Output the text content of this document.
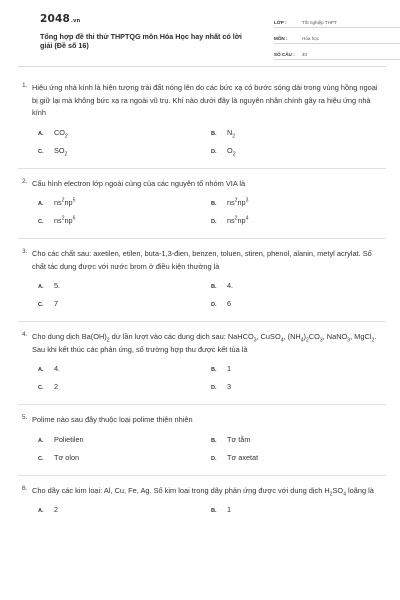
2048.vn
Tổng hợp đề thi thử THPTQG môn Hóa Học hay nhất có lời giải (Đề số 16)
LỚP :	Tốt nghiệp THPT
MÔN :	Hóa học
SỐ CÂU :	40
1. Hiệu ứng nhà kính là hiện tượng trái đất nóng lên do các bức xạ có bước sóng dài trong vùng hồng ngoại bị giữ lại mà không bức xạ ra ngoài vũ trụ. Khí nào dưới đây là nguyên nhân chính gây ra hiệu ứng nhà kính
A.	$CO_2$	B.	$N_2$
C.	$SO_2$	D.	$O_2$
2. Cấu hình electron lớp ngoài cùng của các nguyên tố nhóm VIA là
A.	$ns^2np^5$
B.	$ns^2np^3$
C.	$ns^2np^6$
D.	$ns^2np^4$
3. Cho các chất sau: axetilen, etilen, buta-1,3-đien, benzen, toluen, stiren, phenol, alanin, metyl acrylat. Số chất tác dụng được với nước brom ở điều kiện thường là
A.	5.	B.	4.
C.	7	D.	6
4. Cho dung dịch $Ba(OH)_2$ dư lần lượt vào các dung dịch sau: NaHCO$_3$, CuSO$_4$, $(NH_4)_2CO_3$, NaNO$_3$, MgCl$_2$. Sau khi kết thúc các phản ứng, số trường hợp thu được kết tủa là
A.	4.	B.	1
C.	2	D.	3
5. Polime nào sau đây thuộc loại polime thiên nhiên
A.	Polietilen	B.	Tơ tằm
C.	Tơ olon	D.	Tơ axetat
6. Cho dãy các kim loại: Al, Cu, Fe, Ag. Số kim loại trong dãy phản ứng được với dung dịch $H_2SO_4$ loãng là
A.	2	B.	1
